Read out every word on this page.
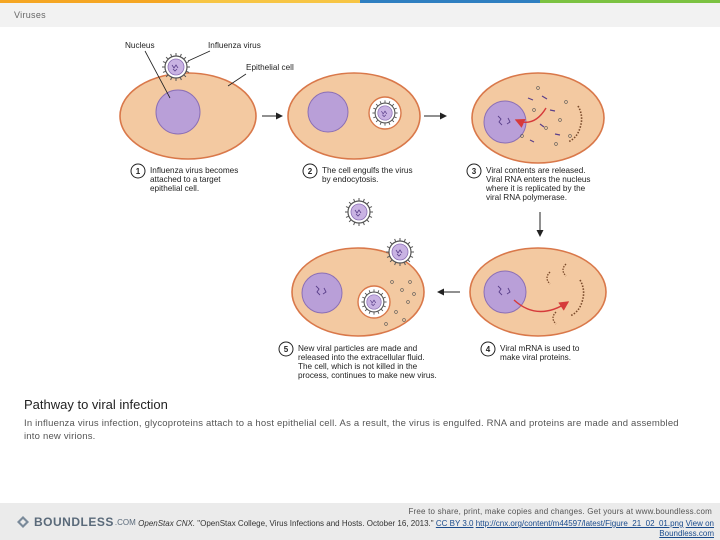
Viruses
Nucleus	Influenza virus
Epithelial cell
1 Influenza virus becomes
attached to a target
epithelial cell.
2 The cell engulfs the virus
by endocytosis.
3 Viral contents are released.
Viral RNA enters the nucleus
where it is replicated by the
viral RNA polymerase.
5 New viral particles are made and
released into the extracellular fluid.
The cell, which is not killed in the
process, continues to make new virus.
4 Viral mRNA is used to
make viral proteins.
Pathway to viral infection
In influenza virus infection, glycoproteins attach to a host epithelial cell. As a result, the virus is engulfed. RNA and proteins are made and assembled into new virions.
BOUNDLESS .COM
Free to share, print, make copies and changes. Get yours at www.boundless.com
OpenStax CNX. "OpenStax College, Virus Infections and Hosts. October 16, 2013." CC BY 3.0 http://cnx.org/content/m44597/latest/Figure_21_02_01.png View on Boundless.com
